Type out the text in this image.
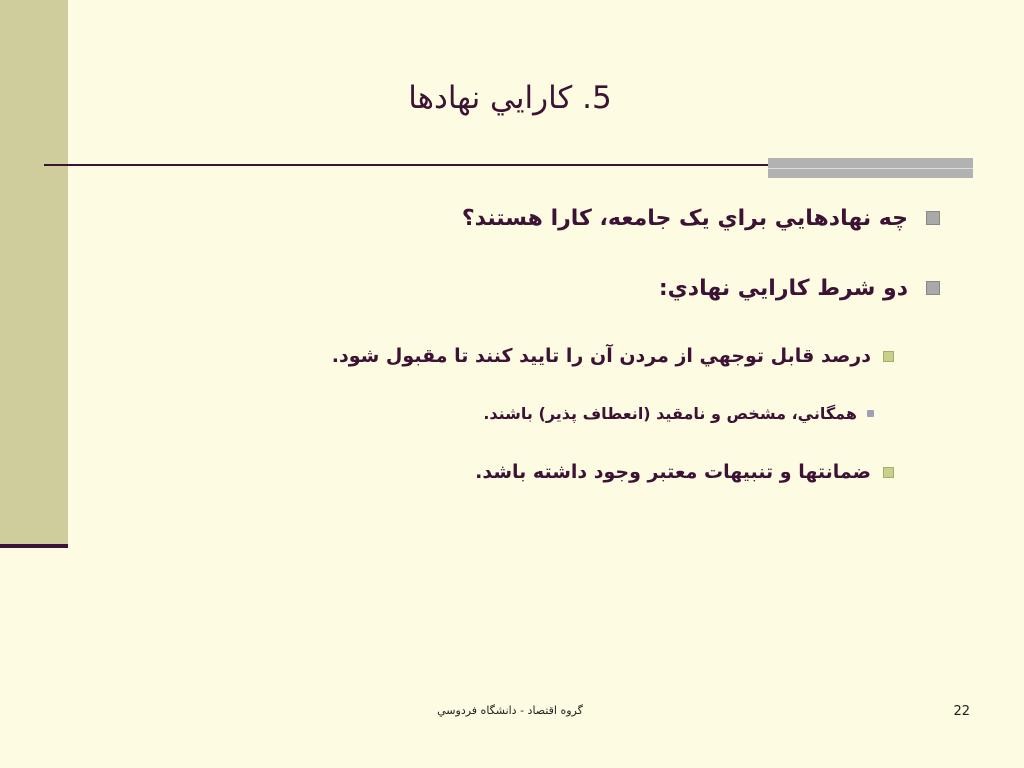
5. كارايي نهادها
چه نهادهايي براي يک جامعه، كارا هستند؟
دو شرط كارايي نهادي:
درصد قابل توجهي از مردن آن را تاييد كنند تا مقبول شود.
همگاني، مشخص و نامقيد (انعطاف پذير) باشند.
ضمانتها و تنبيهات معتبر وجود داشته باشد.
گروه اقتصاد - دانشگاه فردوسي	22
